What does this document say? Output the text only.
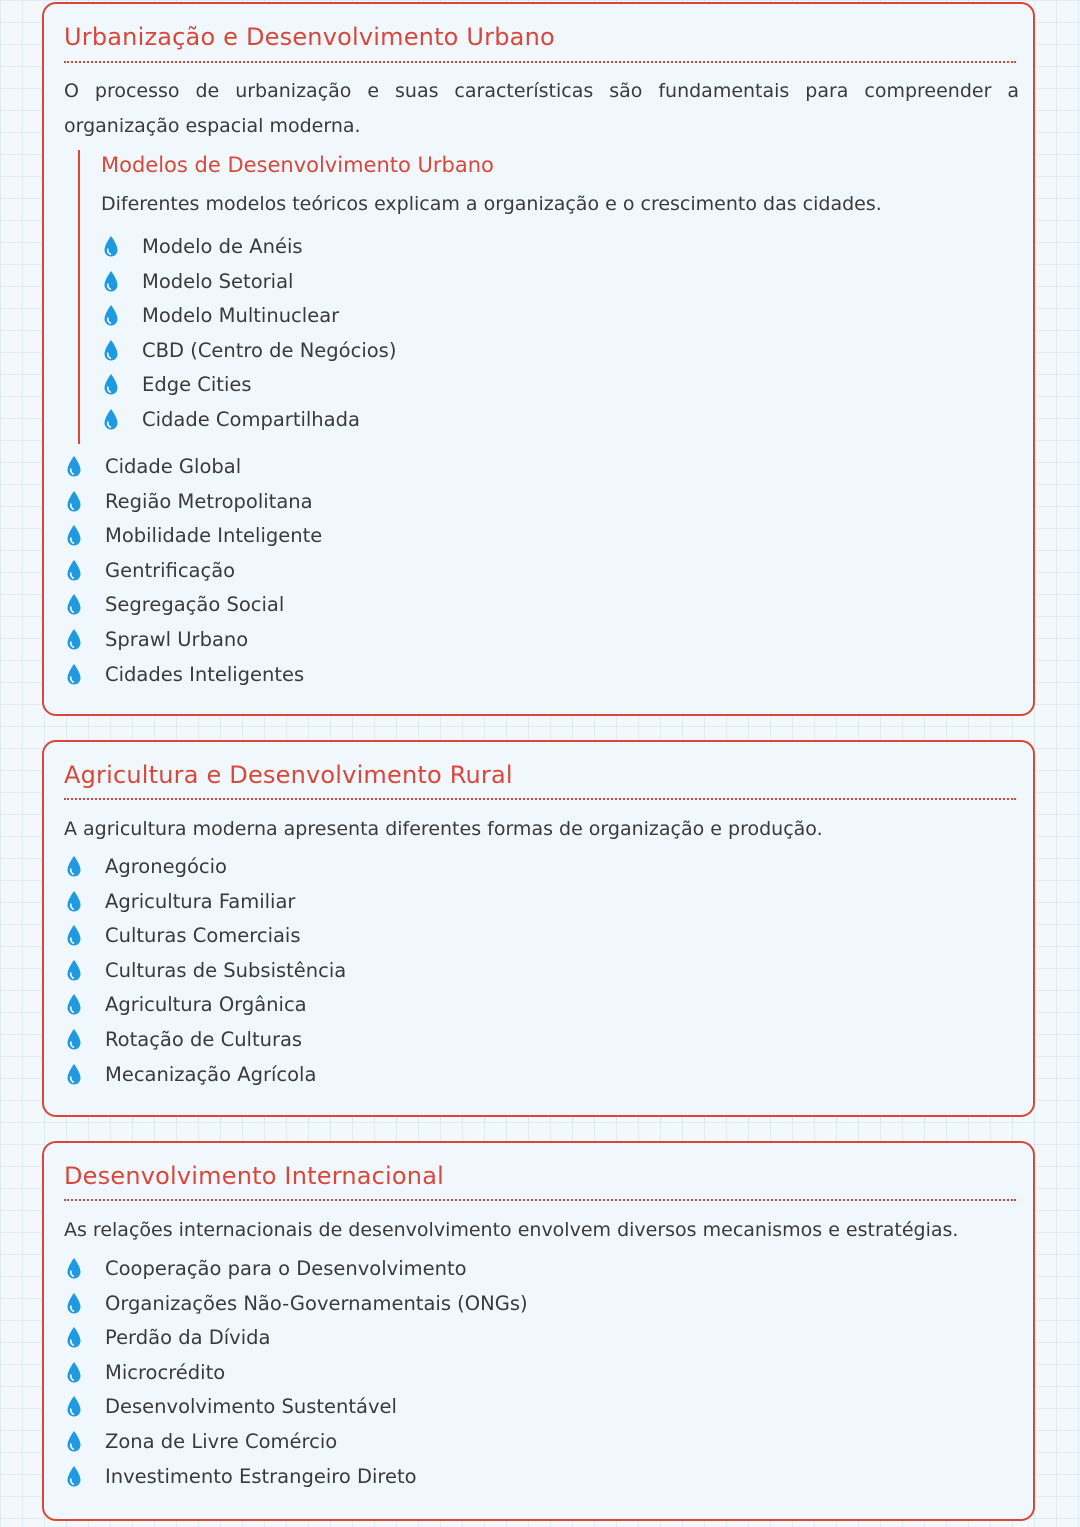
Urbanização e Desenvolvimento Urbano

O processo de urbanização e suas características são fundamentais para compreender a organização espacial moderna.

Modelos de Desenvolvimento Urbano

Diferentes modelos teóricos explicam a organização e o crescimento das cidades.

Modelo de Anéis
Modelo Setorial
Modelo Multinuclear
CBD (Centro de Negócios)
Edge Cities
Cidade Compartilhada
Cidade Global
Região Metropolitana
Mobilidade Inteligente
Gentrificação
Segregação Social
Sprawl Urbano
Cidades Inteligentes
Agricultura e Desenvolvimento Rural

A agricultura moderna apresenta diferentes formas de organização e produção.

Agronegócio
Agricultura Familiar
Culturas Comerciais
Culturas de Subsistência
Agricultura Orgânica
Rotação de Culturas
Mecanização Agrícola
Desenvolvimento Internacional

As relações internacionais de desenvolvimento envolvem diversos mecanismos e estratégias.

Cooperação para o Desenvolvimento
Organizações Não-Governamentais (ONGs)
Perdão da Dívida
Microcrédito
Desenvolvimento Sustentável
Zona de Livre Comércio
Investimento Estrangeiro Direto
